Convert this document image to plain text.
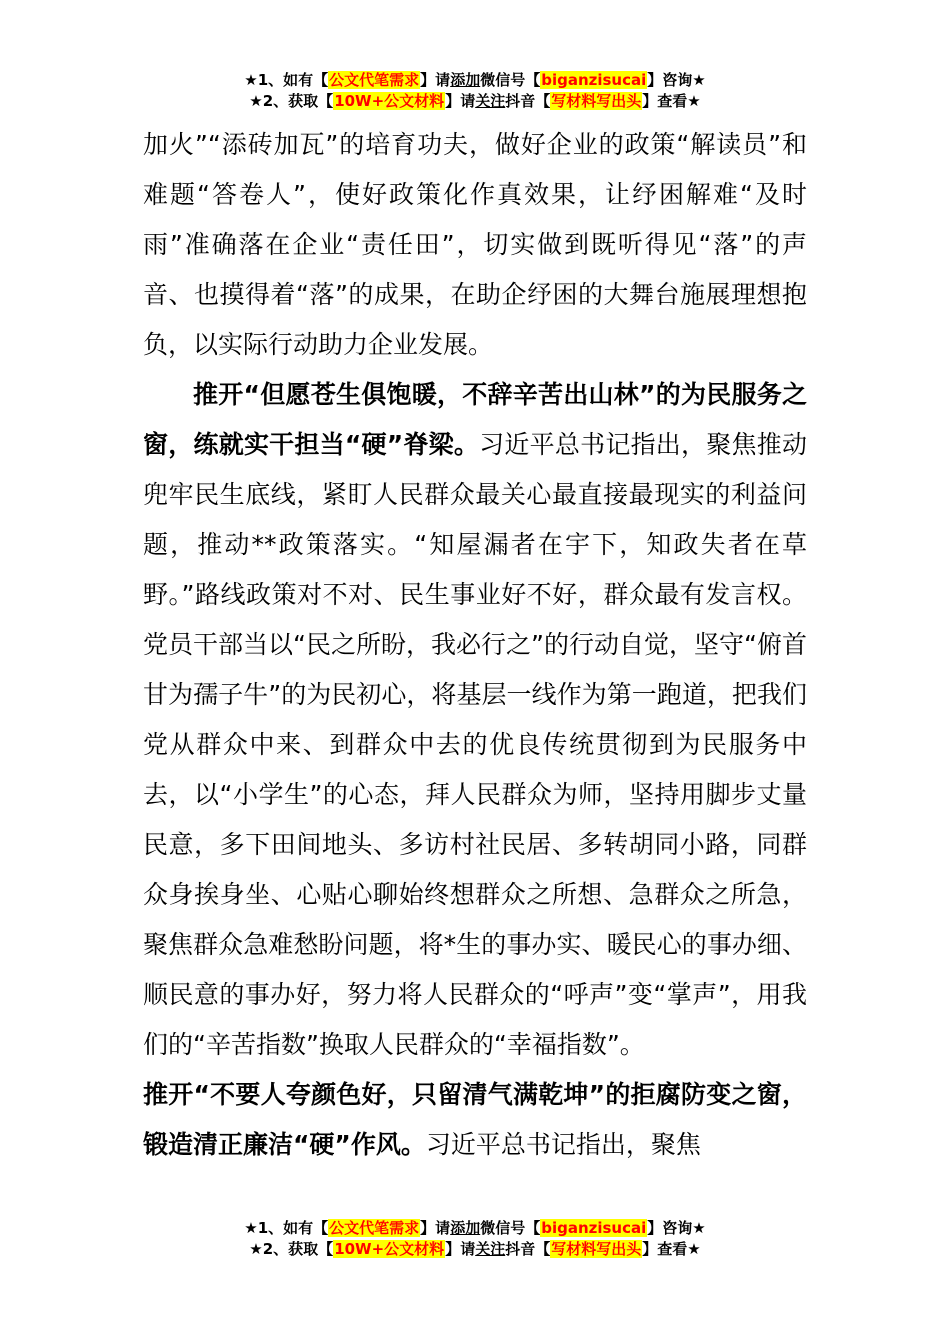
★1、如有【公文代笔需求】请添加微信号【biganzisucai】咨询★
★2、获取【10W+公文材料】请关注抖音【写材料写出头】查看★

加火”“添砖加瓦”的培育功夫，做好企业的政策“解读员”和难题“答卷人”，使好政策化作真效果，让纾困解难“及时雨”准确落在企业“责任田”，切实做到既听得见“落”的声音、也摸得着“落”的成果，在助企纾困的大舞台施展理想抱负，以实际行动助力企业发展。

推开“但愿苍生俱饱暖，不辞辛苦出山林”的为民服务之窗，练就实干担当“硬”脊梁。习近平总书记指出，聚焦推动兜牢民生底线，紧盯人民群众最关心最直接最现实的利益问题，推动**政策落实。“知屋漏者在宇下，知政失者在草野。”路线政策对不对、民生事业好不好，群众最有发言权。党员干部当以“民之所盼，我必行之”的行动自觉，坚守“俯首甘为孺子牛”的为民初心，将基层一线作为第一跑道，把我们党从群众中来、到群众中去的优良传统贯彻到为民服务中去，以“小学生”的心态，拜人民群众为师，坚持用脚步丈量民意，多下田间地头、多访村社民居、多转胡同小路，同群众身挨身坐、心贴心聊始终想群众之所想、急群众之所急，聚焦群众急难愁盼问题，将*生的事办实、暖民心的事办细、顺民意的事办好，努力将人民群众的“呼声”变“掌声”，用我们的“辛苦指数”换取人民群众的“幸福指数”。

推开“不要人夸颜色好，只留清气满乾坤”的拒腐防变之窗，锻造清正廉洁“硬”作风。习近平总书记指出，聚焦

★1、如有【公文代笔需求】请添加微信号【biganzisucai】咨询★
★2、获取【10W+公文材料】请关注抖音【写材料写出头】查看★
